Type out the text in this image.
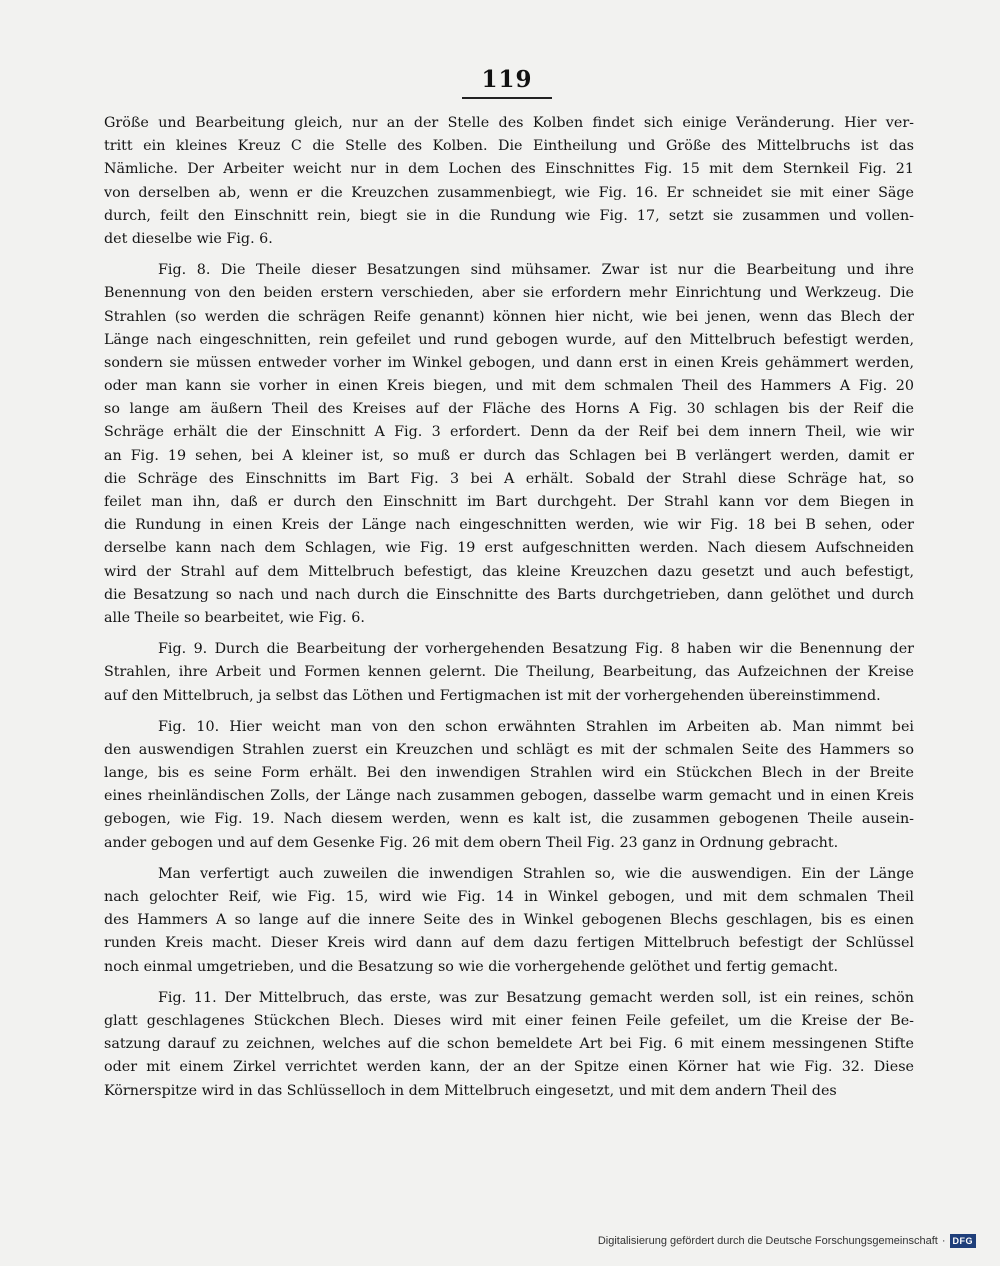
119
Größe und Bearbeitung gleich, nur an der Stelle des Kolben findet sich einige Veränderung. Hier ver-
tritt ein kleines Kreuz C die Stelle des Kolben. Die Eintheilung und Größe des Mittelbruchs ist das
Nämliche. Der Arbeiter weicht nur in dem Lochen des Einschnittes Fig. 15 mit dem Sternkeil Fig. 21
von derselben ab, wenn er die Kreuzchen zusammenbiegt, wie Fig. 16. Er schneidet sie mit einer Säge
durch, feilt den Einschnitt rein, biegt sie in die Rundung wie Fig. 17, setzt sie zusammen und vollen-
det dieselbe wie Fig. 6.
Fig. 8. Die Theile dieser Besatzungen sind mühsamer. Zwar ist nur die Bearbeitung und ihre
Benennung von den beiden erstern verschieden, aber sie erfordern mehr Einrichtung und Werkzeug. Die
Strahlen (so werden die schrägen Reife genannt) können hier nicht, wie bei jenen, wenn das Blech der
Länge nach eingeschnitten, rein gefeilet und rund gebogen wurde, auf den Mittelbruch befestigt werden,
sondern sie müssen entweder vorher im Winkel gebogen, und dann erst in einen Kreis gehämmert werden,
oder man kann sie vorher in einen Kreis biegen, und mit dem schmalen Theil des Hammers A Fig. 20
so lange am äußern Theil des Kreises auf der Fläche des Horns A Fig. 30 schlagen bis der Reif die
Schräge erhält die der Einschnitt A Fig. 3 erfordert. Denn da der Reif bei dem innern Theil, wie wir
an Fig. 19 sehen, bei A kleiner ist, so muß er durch das Schlagen bei B verlängert werden, damit er
die Schräge des Einschnitts im Bart Fig. 3 bei A erhält. Sobald der Strahl diese Schräge hat, so
feilet man ihn, daß er durch den Einschnitt im Bart durchgeht. Der Strahl kann vor dem Biegen in
die Rundung in einen Kreis der Länge nach eingeschnitten werden, wie wir Fig. 18 bei B sehen, oder
derselbe kann nach dem Schlagen, wie Fig. 19 erst aufgeschnitten werden. Nach diesem Aufschneiden
wird der Strahl auf dem Mittelbruch befestigt, das kleine Kreuzchen dazu gesetzt und auch befestigt,
die Besatzung so nach und nach durch die Einschnitte des Barts durchgetrieben, dann gelöthet und durch
alle Theile so bearbeitet, wie Fig. 6.
Fig. 9. Durch die Bearbeitung der vorhergehenden Besatzung Fig. 8 haben wir die Benennung der
Strahlen, ihre Arbeit und Formen kennen gelernt. Die Theilung, Bearbeitung, das Aufzeichnen der Kreise
auf den Mittelbruch, ja selbst das Löthen und Fertigmachen ist mit der vorhergehenden übereinstimmend.
Fig. 10. Hier weicht man von den schon erwähnten Strahlen im Arbeiten ab. Man nimmt bei
den auswendigen Strahlen zuerst ein Kreuzchen und schlägt es mit der schmalen Seite des Hammers so
lange, bis es seine Form erhält. Bei den inwendigen Strahlen wird ein Stückchen Blech in der Breite
eines rheinländischen Zolls, der Länge nach zusammen gebogen, dasselbe warm gemacht und in einen Kreis
gebogen, wie Fig. 19. Nach diesem werden, wenn es kalt ist, die zusammen gebogenen Theile ausein-
ander gebogen und auf dem Gesenke Fig. 26 mit dem obern Theil Fig. 23 ganz in Ordnung gebracht.
Man verfertigt auch zuweilen die inwendigen Strahlen so, wie die auswendigen. Ein der Länge
nach gelochter Reif, wie Fig. 15, wird wie Fig. 14 in Winkel gebogen, und mit dem schmalen Theil
des Hammers A so lange auf die innere Seite des in Winkel gebogenen Blechs geschlagen, bis es einen
runden Kreis macht. Dieser Kreis wird dann auf dem dazu fertigen Mittelbruch befestigt der Schlüssel
noch einmal umgetrieben, und die Besatzung so wie die vorhergehende gelöthet und fertig gemacht.
Fig. 11. Der Mittelbruch, das erste, was zur Besatzung gemacht werden soll, ist ein reines, schön
glatt geschlagenes Stückchen Blech. Dieses wird mit einer feinen Feile gefeilet, um die Kreise der Be-
satzung darauf zu zeichnen, welches auf die schon bemeldete Art bei Fig. 6 mit einem messingenen Stifte
oder mit einem Zirkel verrichtet werden kann, der an der Spitze einen Körner hat wie Fig. 32. Diese
Körnerspitze wird in das Schlüsselloch in dem Mittelbruch eingesetzt, und mit dem andern Theil des
Digitalisierung gefördert durch die Deutsche Forschungsgemeinschaft · DFG
